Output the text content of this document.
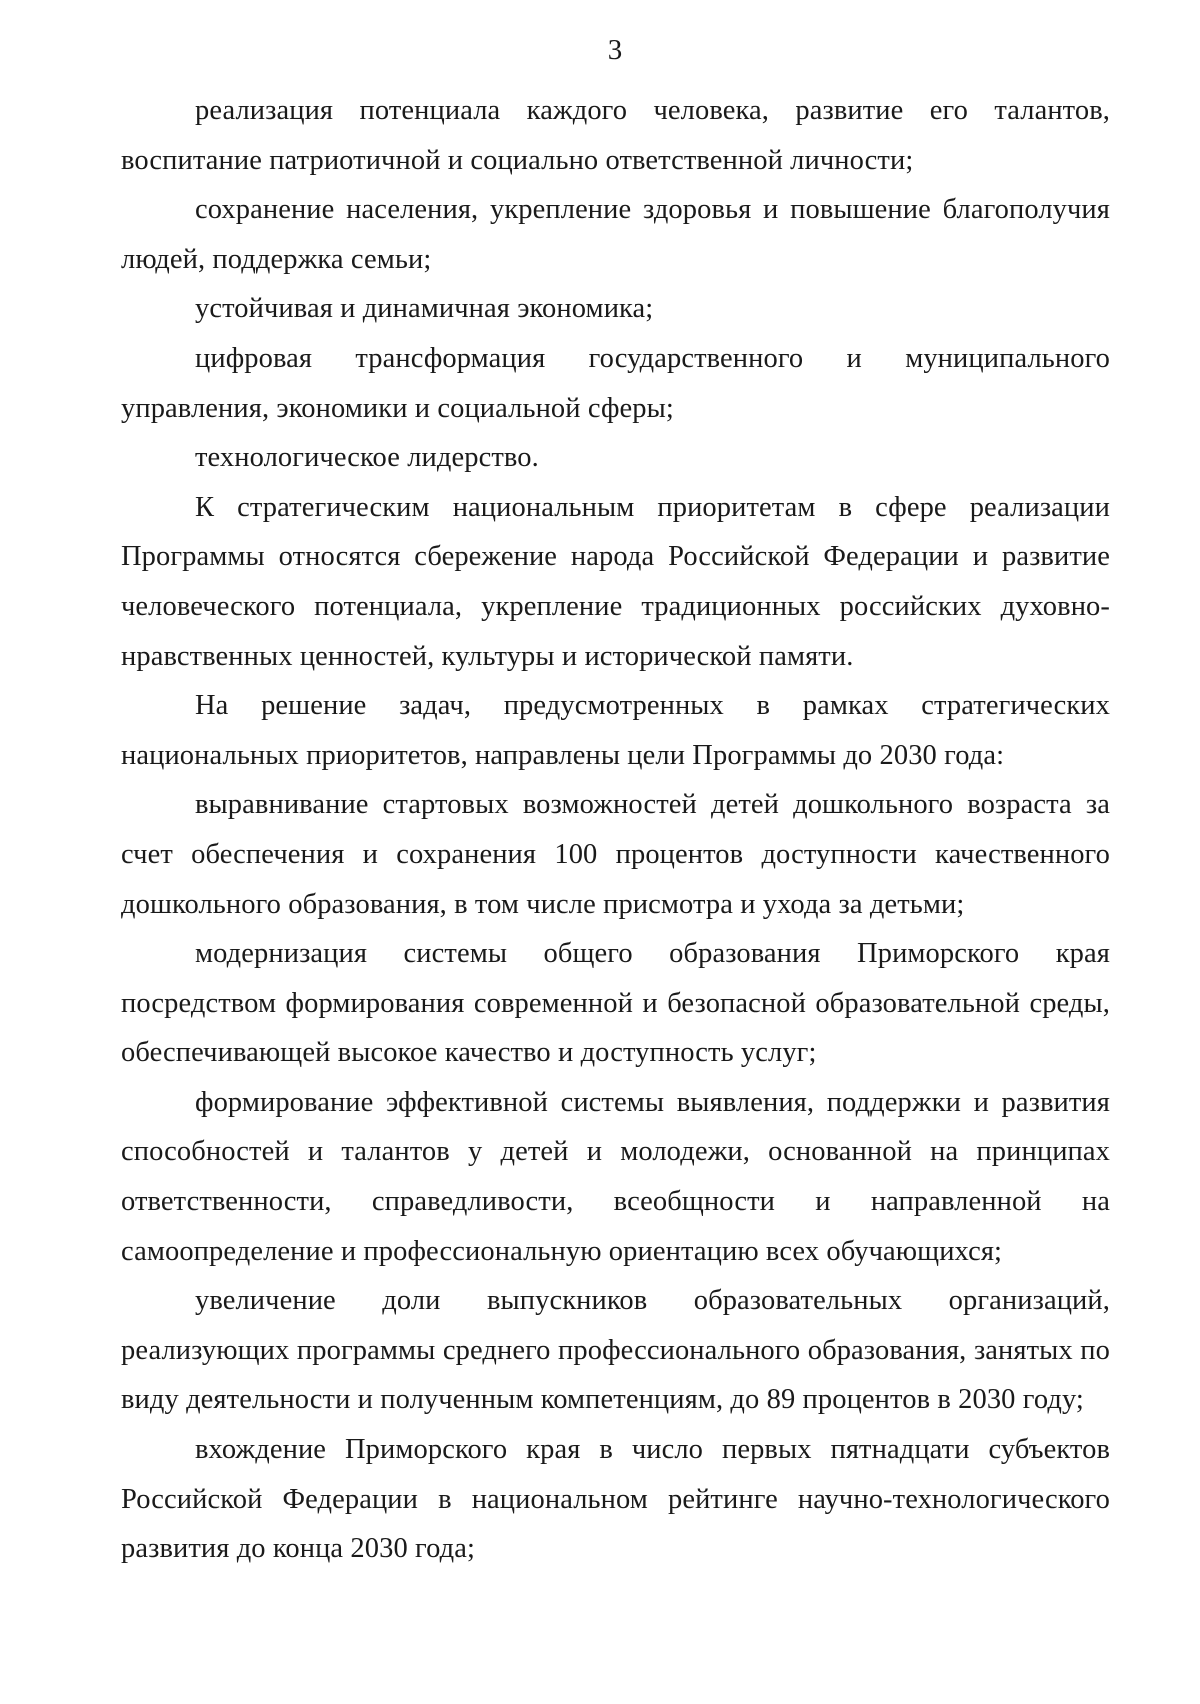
3

реализация потенциала каждого человека, развитие его талантов, воспитание патриотичной и социально ответственной личности;

сохранение населения, укрепление здоровья и повышение благополучия людей, поддержка семьи;

устойчивая и динамичная экономика;

цифровая трансформация государственного и муниципального управления, экономики и социальной сферы;

технологическое лидерство.

К стратегическим национальным приоритетам в сфере реализации Программы относятся сбережение народа Российской Федерации и развитие человеческого потенциала, укрепление традиционных российских духовно-нравственных ценностей, культуры и исторической памяти.

На решение задач, предусмотренных в рамках стратегических национальных приоритетов, направлены цели Программы до 2030 года:

выравнивание стартовых возможностей детей дошкольного возраста за счет обеспечения и сохранения 100 процентов доступности качественного дошкольного образования, в том числе присмотра и ухода за детьми;

модернизация системы общего образования Приморского края посредством формирования современной и безопасной образовательной среды, обеспечивающей высокое качество и доступность услуг;

формирование эффективной системы выявления, поддержки и развития способностей и талантов у детей и молодежи, основанной на принципах ответственности, справедливости, всеобщности и направленной на самоопределение и профессиональную ориентацию всех обучающихся;

увеличение доли выпускников образовательных организаций, реализующих программы среднего профессионального образования, занятых по виду деятельности и полученным компетенциям, до 89 процентов в 2030 году;

вхождение Приморского края в число первых пятнадцати субъектов Российской Федерации в национальном рейтинге научно-технологического развития до конца 2030 года;
